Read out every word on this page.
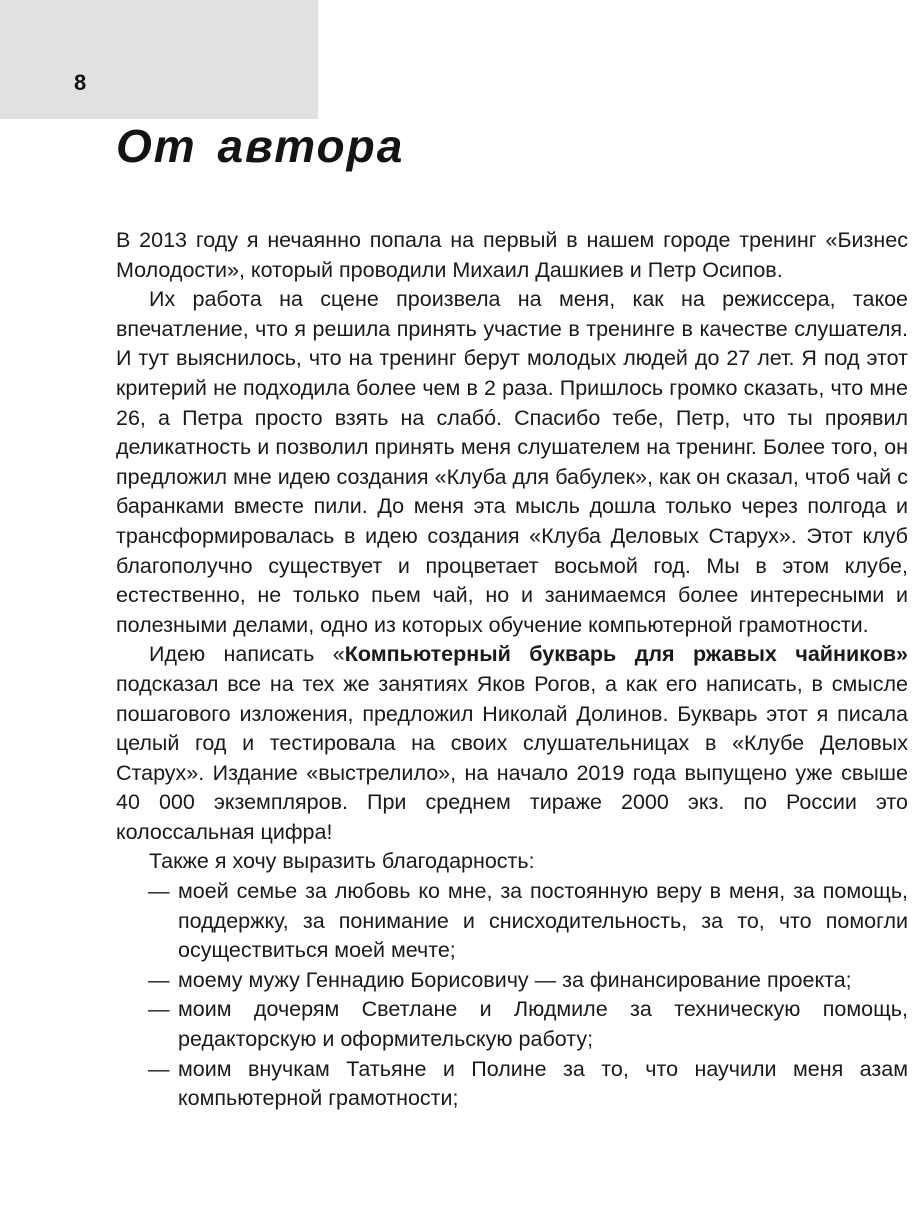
8
От автора

В 2013 году я нечаянно попала на первый в нашем городе тренинг «Бизнес Молодости», который проводили Михаил Дашкиев и Петр Осипов.

Их работа на сцене произвела на меня, как на режиссера, такое впечатление, что я решила принять участие в тренинге в качестве слушателя. И тут выяснилось, что на тренинг берут молодых людей до 27 лет. Я под этот критерий не подходила более чем в 2 раза. Пришлось громко сказать, что мне 26, а Петра просто взять на слабó. Спасибо тебе, Петр, что ты проявил деликатность и позволил принять меня слушателем на тренинг. Более того, он предложил мне идею создания «Клуба для бабулек», как он сказал, чтоб чай с баранками вместе пили. До меня эта мысль дошла только через полгода и трансформировалась в идею создания «Клуба Деловых Старух». Этот клуб благополучно существует и процветает восьмой год. Мы в этом клубе, естественно, не только пьем чай, но и занимаемся более интересными и полезными делами, одно из которых обучение компьютерной грамотности.

Идею написать «Компьютерный букварь для ржавых чайников» подсказал все на тех же занятиях Яков Рогов, а как его написать, в смысле пошагового изложения, предложил Николай Долинов. Букварь этот я писала целый год и тестировала на своих слушательницах в «Клубе Деловых Старух». Издание «выстрелило», на начало 2019 года выпущено уже свыше 40 000 экземпляров. При среднем тираже 2000 экз. по России это колоссальная цифра!

Также я хочу выразить благодарность:

— моей семье за любовь ко мне, за постоянную веру в меня, за помощь, поддержку, за понимание и снисходительность, за то, что помогли осуществиться моей мечте;
— моему мужу Геннадию Борисовичу — за финансирование проекта;
— моим дочерям Светлане и Людмиле за техническую помощь, редакторскую и оформительскую работу;
— моим внучкам Татьяне и Полине за то, что научили меня азам компьютерной грамотности;
